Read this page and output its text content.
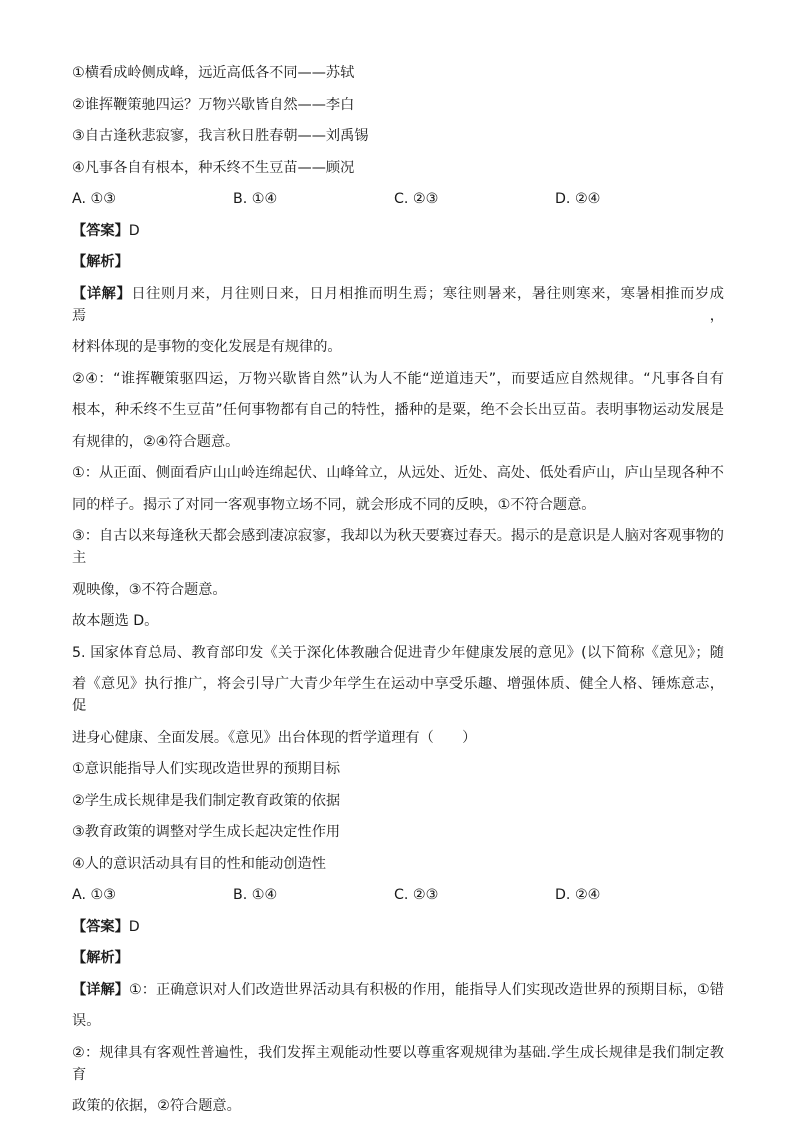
①横看成岭侧成峰，远近高低各不同——苏轼
②谁挥鞭策驰四运？万物兴歇皆自然——李白
③自古逢秋悲寂寥，我言秋日胜春朝——刘禹锡
④凡事各自有根本，种禾终不生豆苗——顾况
A. ①③	B. ①④	C. ②③	D. ②④
【答案】D
【解析】
【详解】日往则月来，月往则日来，日月相推而明生焉；寒往则暑来，暑往则寒来，寒暑相推而岁成焉，
材料体现的是事物的变化发展是有规律的。
②④：“谁挥鞭策驱四运，万物兴歇皆自然”认为人不能“逆道违天”，而要适应自然规律。“凡事各自有
根本，种禾终不生豆苗”任何事物都有自己的特性，播种的是粟，绝不会长出豆苗。表明事物运动发展是
有规律的，②④符合题意。
①：从正面、侧面看庐山山岭连绵起伏、山峰耸立，从远处、近处、高处、低处看庐山，庐山呈现各种不
同的样子。揭示了对同一客观事物立场不同，就会形成不同的反映，①不符合题意。
③：自古以来每逢秋天都会感到凄凉寂寥，我却以为秋天要赛过春天。揭示的是意识是人脑对客观事物的主
观映像，③不符合题意。
故本题选 D。
5. 国家体育总局、教育部印发《关于深化体教融合促进青少年健康发展的意见》(以下简称《意见》；随
着《意见》执行推广，将会引导广大青少年学生在运动中享受乐趣、增强体质、健全人格、锤炼意志，促
进身心健康、全面发展。《意见》出台体现的哲学道理有（　　）
①意识能指导人们实现改造世界的预期目标
②学生成长规律是我们制定教育政策的依据
③教育政策的调整对学生成长起决定性作用
④人的意识活动具有目的性和能动创造性
A. ①③	B. ①④	C. ②③	D. ②④
【答案】D
【解析】
【详解】①：正确意识对人们改造世界活动具有积极的作用，能指导人们实现改造世界的预期目标，①错
误。
②：规律具有客观性普遍性，我们发挥主观能动性要以尊重客观规律为基础.学生成长规律是我们制定教育
政策的依据，②符合题意。
